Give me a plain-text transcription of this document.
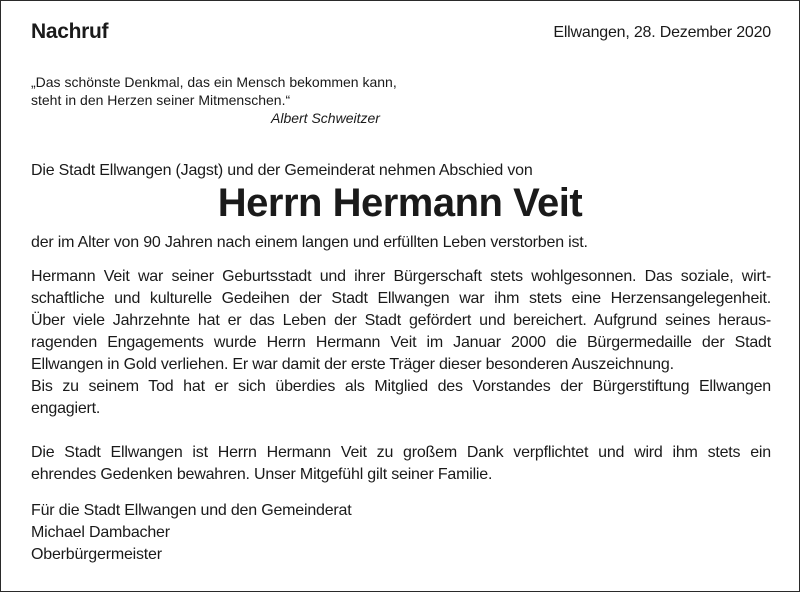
Nachruf	Ellwangen, 28. Dezember 2020
„Das schönste Denkmal, das ein Mensch bekommen kann,
steht in den Herzen seiner Mitmenschen.“
Albert Schweitzer
Die Stadt Ellwangen (Jagst) und der Gemeinderat nehmen Abschied von
Herrn Hermann Veit
der im Alter von 90 Jahren nach einem langen und erfüllten Leben verstorben ist.
Hermann Veit war seiner Geburtsstadt und ihrer Bürgerschaft stets wohlgesonnen. Das soziale, wirt-
schaftliche und kulturelle Gedeihen der Stadt Ellwangen war ihm stets eine Herzensangelegenheit.
Über viele Jahrzehnte hat er das Leben der Stadt gefördert und bereichert. Aufgrund seines heraus-
ragenden Engagements wurde Herrn Hermann Veit im Januar 2000 die Bürgermedaille der Stadt
Ellwangen in Gold verliehen. Er war damit der erste Träger dieser besonderen Auszeichnung.
Bis zu seinem Tod hat er sich überdies als Mitglied des Vorstandes der Bürgerstiftung Ellwangen
engagiert.
Die Stadt Ellwangen ist Herrn Hermann Veit zu großem Dank verpflichtet und wird ihm stets ein
ehrendes Gedenken bewahren. Unser Mitgefühl gilt seiner Familie.
Für die Stadt Ellwangen und den Gemeinderat
Michael Dambacher
Oberbürgermeister
